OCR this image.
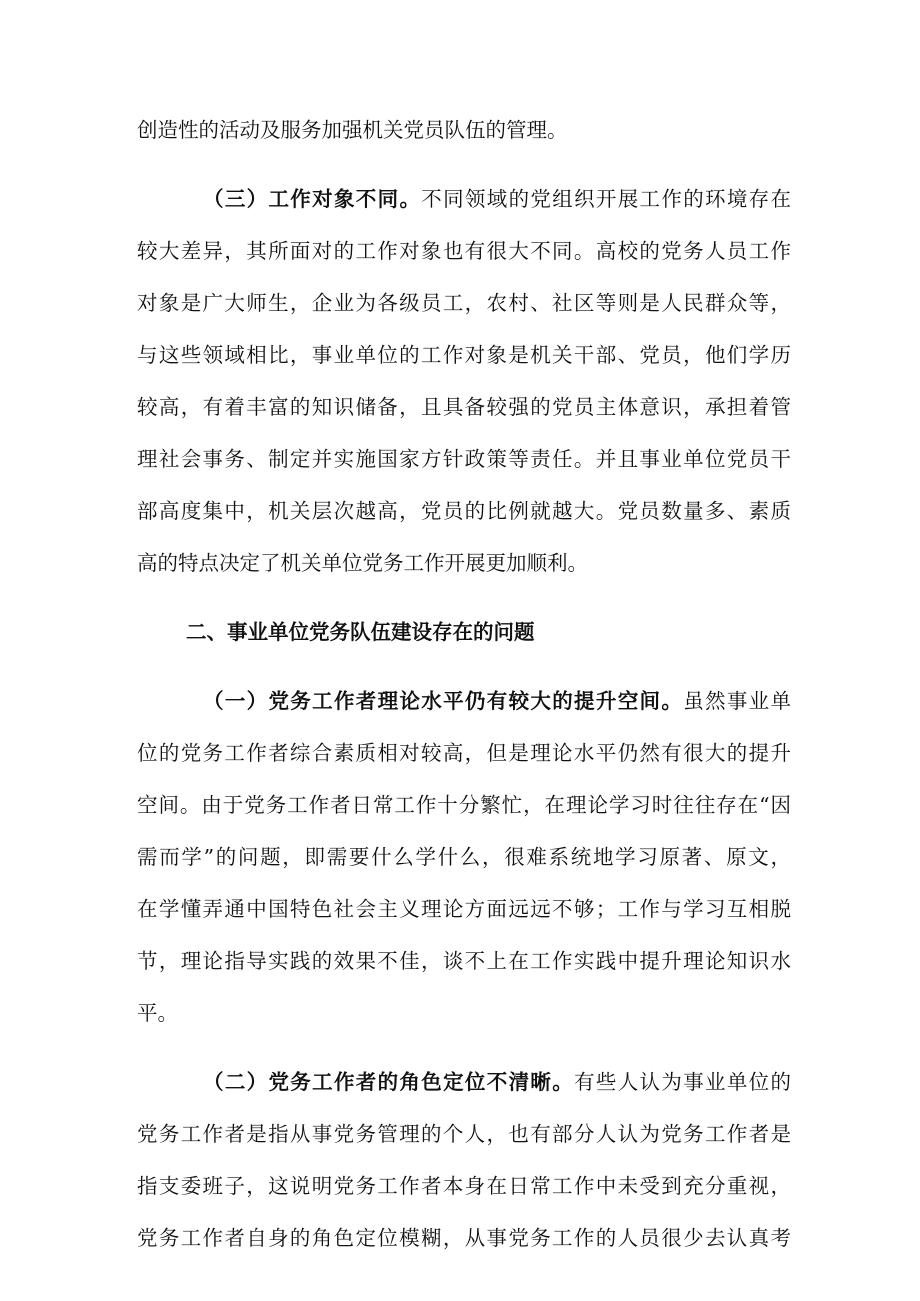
创造性的活动及服务加强机关党员队伍的管理。
（三）工作对象不同。不同领域的党组织开展工作的环境存在
较大差异，其所面对的工作对象也有很大不同。高校的党务人员工作
对象是广大师生，企业为各级员工，农村、社区等则是人民群众等，
与这些领域相比，事业单位的工作对象是机关干部、党员，他们学历
较高，有着丰富的知识储备，且具备较强的党员主体意识，承担着管
理社会事务、制定并实施国家方针政策等责任。并且事业单位党员干
部高度集中，机关层次越高，党员的比例就越大。党员数量多、素质
高的特点决定了机关单位党务工作开展更加顺利。
二、事业单位党务队伍建设存在的问题
（一）党务工作者理论水平仍有较大的提升空间。虽然事业单
位的党务工作者综合素质相对较高，但是理论水平仍然有很大的提升
空间。由于党务工作者日常工作十分繁忙，在理论学习时往往存在“因
需而学”的问题，即需要什么学什么，很难系统地学习原著、原文，
在学懂弄通中国特色社会主义理论方面远远不够；工作与学习互相脱
节，理论指导实践的效果不佳，谈不上在工作实践中提升理论知识水
平。
（二）党务工作者的角色定位不清晰。有些人认为事业单位的
党务工作者是指从事党务管理的个人，也有部分人认为党务工作者是
指支委班子，这说明党务工作者本身在日常工作中未受到充分重视，
党务工作者自身的角色定位模糊，从事党务工作的人员很少去认真考
